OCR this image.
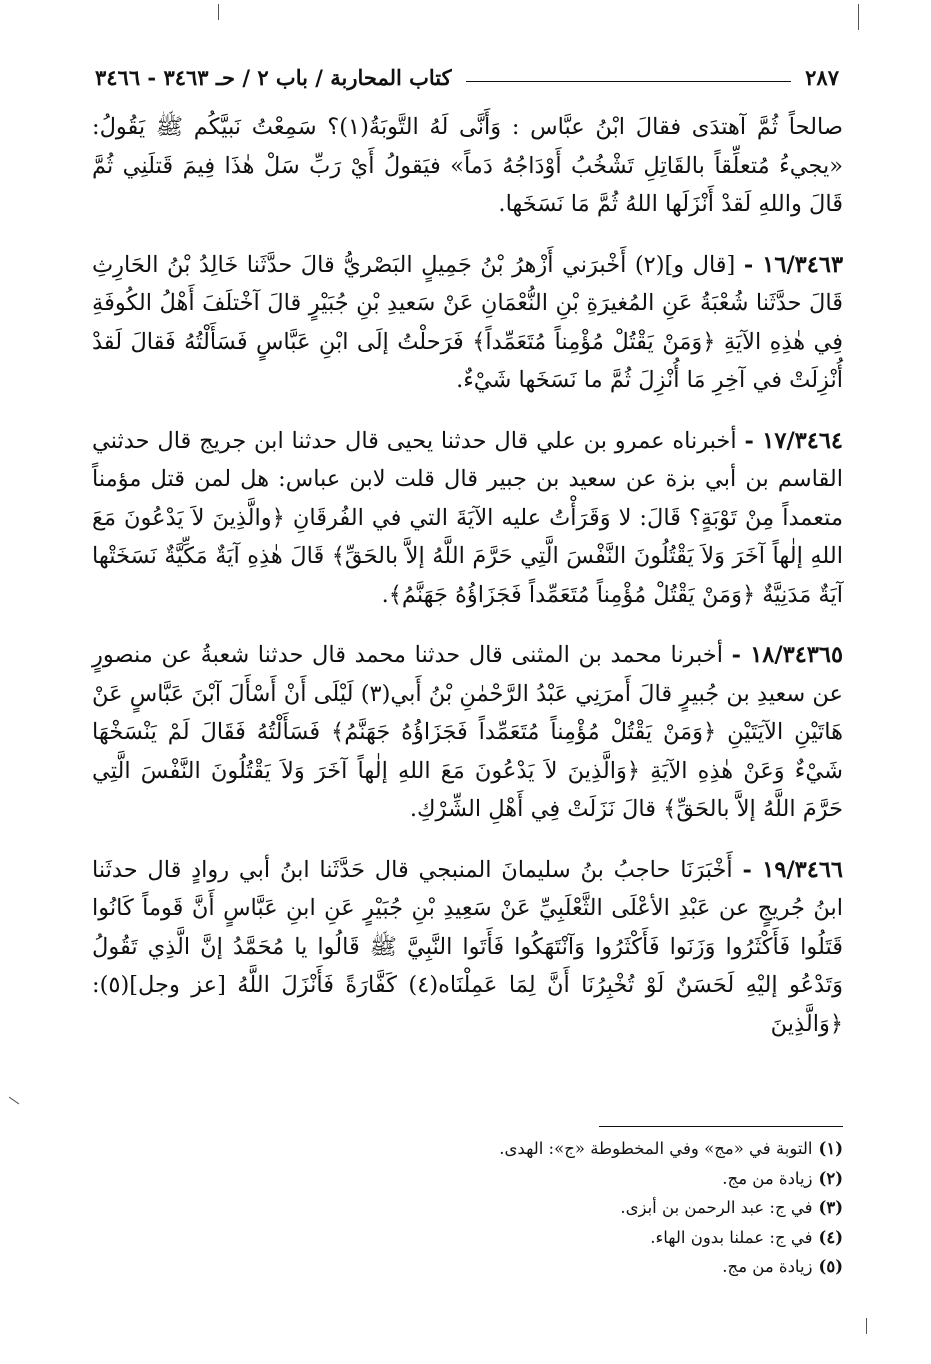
٢٨٧
كتاب المحاربة / باب ٢ / حـ ٣٤٦٣ - ٣٤٦٦

صالحاً ثُمَّ آهتدَى فقالَ ابْنُ عبَّاس : وَأَنَّى لَهُ التَّوبَةُ(١)؟ سَمِعْتُ نَبيَّكُم ﷺ يَقُولُ: «يجيءُ مُتعلِّقاً بالقَاتِلِ تَشْخُبُ أَوْدَاجُهُ دَماً» فيَقولُ أَيْ رَبِّ سَلْ هٰذَا فِيمَ قَتلَنِي ثُمَّ قَالَ واللهِ لَقدْ أَنْزَلَها اللهُ ثُمَّ مَا نَسَخَها.

١٦/٣٤٦٣ - [قال و](٢) أَخْبرَني أَزْهرُ بْنُ جَمِيلٍ البَصْريُّ قالَ حدَّثَنا خَالِدُ بْنُ الحَارِثِ قَالَ حدَّثَنا شُعْبَةُ عَنِ المُغيرَةِ بْنِ النُّعْمَانِ عَنْ سَعيدِ بْنِ جُبَيْرٍ قالَ آخْتلَفَ أَهْلُ الكُوفَةِ فِي هٰذِهِ الآيَةِ ﴿وَمَنْ يَقْتُلْ مُؤْمِناً مُتَعَمِّداً﴾ فَرَحلْتُ إلَى ابْنِ عَبَّاسٍ فَسَأَلْتُهُ فَقالَ لَقدْ أُنْزِلَتْ في آخِرِ مَا أُنْزِلَ ثُمَّ ما نَسَخَها شَيْءٌ.

١٧/٣٤٦٤ - أخبرناه عمرو بن علي قال حدثنا يحيى قال حدثنا ابن جريج قال حدثني القاسم بن أبي بزة عن سعيد بن جبير قال قلت لابن عباس: هل لمن قتل مؤمناً متعمداً مِنْ تَوْبَةٍ؟ قَالَ: لا وَقَرَأْتُ عليه الآيَةَ التي في الفُرقَانِ ﴿والَّذِينَ لاَ يَدْعُونَ مَعَ اللهِ إلٰهاً آخَرَ وَلاَ يَقْتُلُونَ النَّفْسَ الَّتِي حَرَّمَ اللَّهُ إلاَّ بالحَقِّ﴾ قَالَ هٰذِهِ آيَةٌ مَكِّيَّةٌ نَسَخَتْها آيَةٌ مَدَنِيَّةٌ ﴿وَمَنْ يَقْتُلْ مُؤْمِناً مُتَعَمِّداً فَجَزَاؤُهُ جَهَنَّمُ﴾.

١٨/٣٤٣٦٥ - أخبرنا محمد بن المثنى قال حدثنا محمد قال حدثنا شعبةُ عن منصورٍ عن سعيدِ بن جُبيرٍ قالَ أَمرَنِي عَبْدُ الرَّحْمٰنِ بْنُ أَبي(٣) لَيْلَى أَنْ أَسْأَلَ آبْنَ عَبَّاسٍ عَنْ هَاتَيْنِ الآيَتَيْنِ ﴿وَمَنْ يَقْتُلْ مُؤْمِناً مُتَعَمِّداً فَجَزَاؤُهُ جَهَنَّمُ﴾ فَسَأَلْتُهُ فَقَالَ لَمْ يَنْسَخْهَا شَيْءٌ وَعَنْ هٰذِهِ الآيَةِ ﴿وَالَّذِينَ لاَ يَدْعُونَ مَعَ اللهِ إلٰهاً آخَرَ وَلاَ يَقْتُلُونَ النَّفْسَ الَّتِي حَرَّمَ اللَّهُ إلاَّ بالحَقِّ﴾ قالَ نَزَلَتْ فِي أَهْلِ الشِّرْكِ.

١٩/٣٤٦٦ - أَخْبَرَنَا حاجبُ بنُ سليمانَ المنبجي قال حَدَّثَنا ابنُ أبي روادٍ قال حدثَنا ابنُ جُريجٍ عن عَبْدِ الأعْلَى الثَّعْلَبِيِّ عَنْ سَعِيدِ بْنِ جُبَيْرٍ عَنِ ابنِ عَبَّاسٍ أَنَّ قَوماً كَانُوا قَتَلُوا فَأَكْثَرُوا وَزَنَوا فَأَكْثَرُوا وَآنْتَهَكُوا فَأَتَوا النَّبِيَّ ﷺ قَالُوا يا مُحَمَّدُ إنَّ الَّذِي تَقُولُ وَتَدْعُو إليْهِ لَحَسَنٌ لَوْ تُخْبِرُنَا أَنَّ لِمَا عَمِلْنَاه(٤) كَفَّارَةً فَأَنْزَلَ اللَّهُ [عز وجل](٥): ﴿وَالَّذِينَ

(١)التوبة في «مج» وفي المخطوطة «ج»: الهدى.
(٢)زيادة من مج.
(٣)في ج: عبد الرحمن بن أبزى.
(٤)في ج: عملنا بدون الهاء.
(٥)زيادة من مج.
